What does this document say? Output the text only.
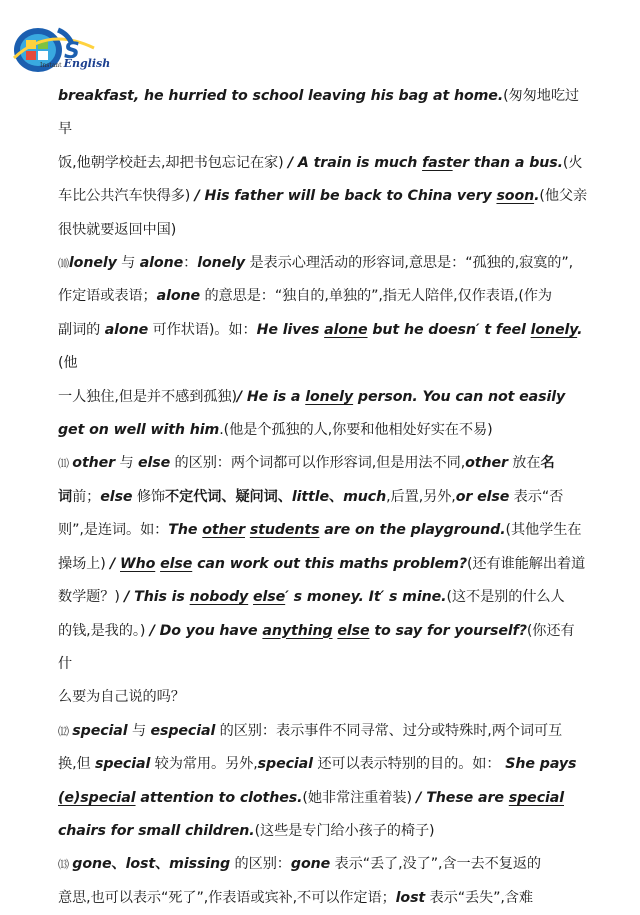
S
Instant English

breakfast, he hurried to school leaving his bag at home.(匆匆地吃过早

饭,他朝学校赶去,却把书包忘记在家) / A train is much faster than a bus.(火

车比公共汽车快得多) / His father will be back to China very soon.(他父亲

很快就要返回中国)

⑽lonely 与 alone：lonely 是表示心理活动的形容词,意思是：“孤独的,寂寞的”,

作定语或表语；alone 的意思是：“独自的,单独的”,指无人陪伴,仅作表语,(作为

副词的 alone 可作状语)。如：He lives alone but he doesn′ t feel lonely.(他

一人独住,但是并不感到孤独)/ He is a lonely person. You can not easily

get on well with him.(他是个孤独的人,你要和他相处好实在不易)

⑾ other 与 else 的区别：两个词都可以作形容词,但是用法不同,other 放在名

词前；else 修饰不定代词、疑问词、little、much,后置,另外,or else 表示“否

则”,是连词。如：The other students are on the playground.(其他学生在

操场上) / Who else can work out this maths problem?(还有谁能解出着道

数学题？) / This is nobody else′ s money. It′ s mine.(这不是别的什么人

的钱,是我的。) / Do you have anything else to say for yourself?(你还有什

么要为自己说的吗？

⑿ special 与 especial 的区别：表示事件不同寻常、过分或特殊时,两个词可互

换,但 special 较为常用。另外,special 还可以表示特别的目的。如： She pays

(e)special attention to clothes.(她非常注重着装) / These are special

chairs for small children.(这些是专门给小孩子的椅子)

⒀ gone、lost、missing 的区别：gone 表示“丢了,没了”,含一去不复返的

意思,也可以表示“死了”,作表语或宾补,不可以作定语；lost 表示“丢失”,含难
